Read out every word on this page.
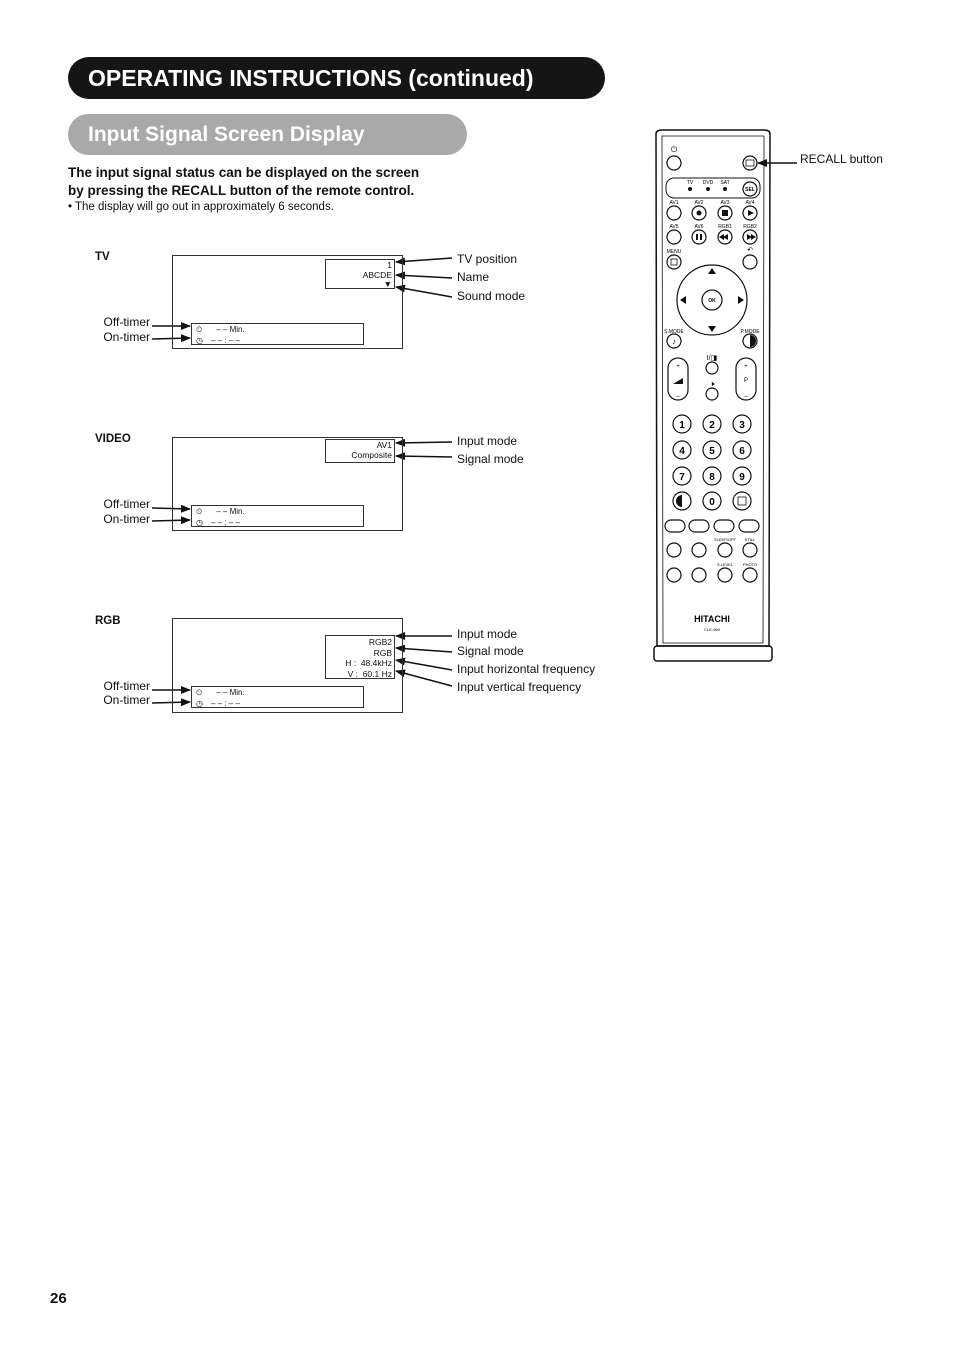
OPERATING INSTRUCTIONS (continued)
Input Signal Screen Display
The input signal status can be displayed on the screen
by pressing the RECALL button of the remote control.
• The display will go out in approximately 6 seconds.
TV
1
ABCDE
▼
⏲ – – Min.
◷ – – : – –
TV position
Name
Sound mode
Off-timer
On-timer
VIDEO	AV1
Composite
⏲ – – Min.
◷ – – : – –
Input mode
Signal mode
Off-timer
On-timer
RGB
RGB2
RGB
H : 48.4kHz
V : 60.1 Hz
⏲ – – Min.
◷ – – : – –
Input mode
Signal mode
Input horizontal frequency
Input vertical frequency
Off-timer
On-timer
RECALL button
⏻
TV DVD SAT
SEL
AV1	AV2	AV3	AV4
AV5	AV6	RGB1 RGB2
MENU	↶
OK
S.MODE	P.MODE
♪
+
–
+
P
–
I/◨
🕨
1 2 3
4 5 6
7 8 9
0
SLEEP/OFF STILL
S.LEVEL PHOTO
HITACHI
CLE-969
26
